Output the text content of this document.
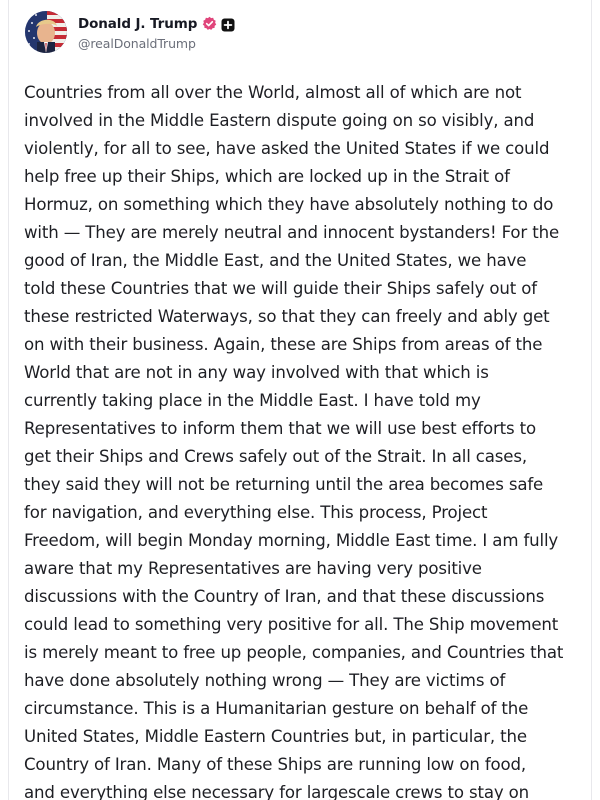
Donald J. Trump
@realDonaldTrump
Countries from all over the World, almost all of which are not
involved in the Middle Eastern dispute going on so visibly, and
violently, for all to see, have asked the United States if we could
help free up their Ships, which are locked up in the Strait of
Hormuz, on something which they have absolutely nothing to do
with — They are merely neutral and innocent bystanders! For the
good of Iran, the Middle East, and the United States, we have
told these Countries that we will guide their Ships safely out of
these restricted Waterways, so that they can freely and ably get
on with their business. Again, these are Ships from areas of the
World that are not in any way involved with that which is
currently taking place in the Middle East. I have told my
Representatives to inform them that we will use best efforts to
get their Ships and Crews safely out of the Strait. In all cases,
they said they will not be returning until the area becomes safe
for navigation, and everything else. This process, Project
Freedom, will begin Monday morning, Middle East time. I am fully
aware that my Representatives are having very positive
discussions with the Country of Iran, and that these discussions
could lead to something very positive for all. The Ship movement
is merely meant to free up people, companies, and Countries that
have done absolutely nothing wrong — They are victims of
circumstance. This is a Humanitarian gesture on behalf of the
United States, Middle Eastern Countries but, in particular, the
Country of Iran. Many of these Ships are running low on food,
and everything else necessary for largescale crews to stay on
